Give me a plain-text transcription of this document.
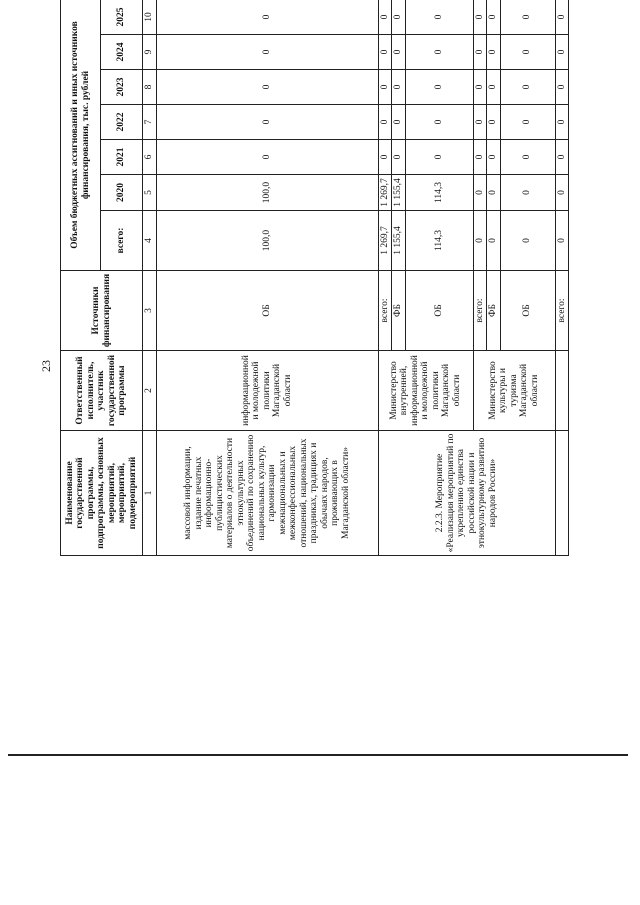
23
Наименование государственной программы, подпрограммы, основных мероприятий, мероприятий, подмероприятий	Ответственный исполнитель, участник государственной программы	Источники финансирования	Объем бюджетных ассигнований и иных источников финансирования, тыс. рублей						
			всего:	2020	2021	2022	2023	2024	2025
1	2	3	4	5	6	7	8	9	10
массовой информации, издание печатных информационно-публицистических материалов о деятельности этнокультурных объединений по сохранению национальных культур, гармонизации межнациональных и межконфессиональных отношений, национальных праздниках, традициях и обычаях народов, проживающих в Магаданской области»	информационной и молодежной политики Магаданской области	ОБ	100,0	100,0	0	0	0	0	0
2.2.3. Мероприятие «Реализация мероприятий по укреплению единства российской нации и этнокультурному развитию народов России»	Министерство внутренней, информационной и молодежной политики Магаданской области	всего:	1 269,7	1 269,7	0	0	0	0	0
		ФБ	1 155,4	1 155,4	0	0	0	0	0
		ОБ	114,3	114,3	0	0	0	0	0
	Министерство культуры и туризма Магаданской области	всего:	0	0	0	0	0	0	0
		ФБ	0	0	0	0	0	0	0
		ОБ	0	0	0	0	0	0	0
		всего:	0	0	0	0	0	0	0
